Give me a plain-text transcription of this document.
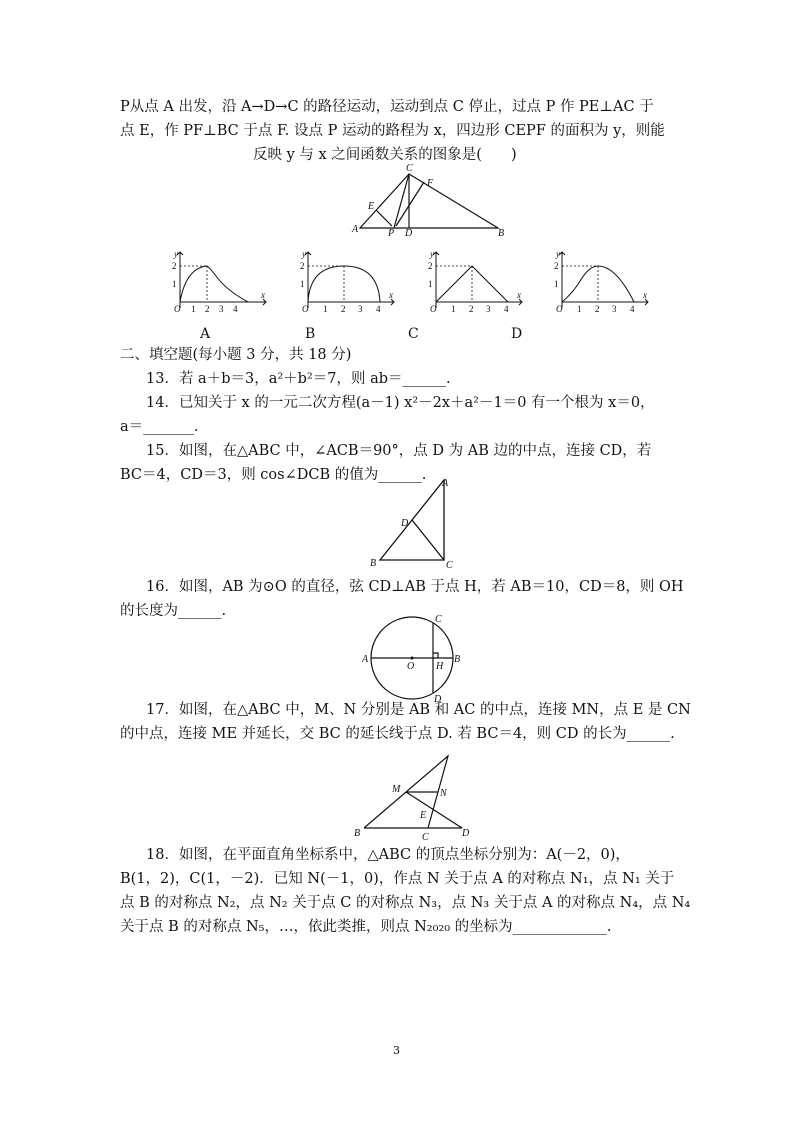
P从点 A 出发，沿 A→D→C 的路径运动，运动到点 C 停止，过点 P 作 PE⊥AC 于
点 E，作 PF⊥BC 于点 F. 设点 P 运动的路程为 x，四边形 CEPF 的面积为 y，则能
反映 y 与 x 之间函数关系的图象是(　　)
A
C
B
D
E
F
P
y
x
O
2
1
1 2 3 4
y
x
O
2
1
1 2 3 4
y
x
O
2
1
1 2 3 4
y
x
O
2
1
1 2 3 4
A	B	C	D
二、填空题(每小题 3 分，共 18 分)
13．若 a＋b＝3，a²＋b²＝7，则 ab＝______.
14．已知关于 x 的一元二次方程(a－1) x²－2x＋a²－1＝0 有一个根为 x＝0，
a＝_______.
15．如图，在△ABC 中，∠ACB＝90°，点 D 为 AB 边的中点，连接 CD，若
BC＝4，CD＝3，则 cos∠DCB 的值为______.
A
B	C
D
16．如图，AB 为⊙O 的直径，弦 CD⊥AB 于点 H，若 AB＝10，CD＝8，则 OH
的长度为______.
A	B
C
D
O H
17．如图，在△ABC 中，M、N 分别是 AB 和 AC 的中点，连接 MN，点 E 是 CN
的中点，连接 ME 并延长，交 BC 的延长线于点 D. 若 BC＝4，则 CD 的长为______.
M	N
E
B	C	D
18．如图，在平面直角坐标系中，△ABC 的顶点坐标分别为：A(－2，0)，
B(1，2)，C(1，－2)．已知 N(－1，0)，作点 N 关于点 A 的对称点 N₁，点 N₁ 关于
点 B 的对称点 N₂，点 N₂ 关于点 C 的对称点 N₃，点 N₃ 关于点 A 的对称点 N₄，点 N₄
关于点 B 的对称点 N₅，…，依此类推，则点 N₂₀₂₀ 的坐标为_____________.
3
